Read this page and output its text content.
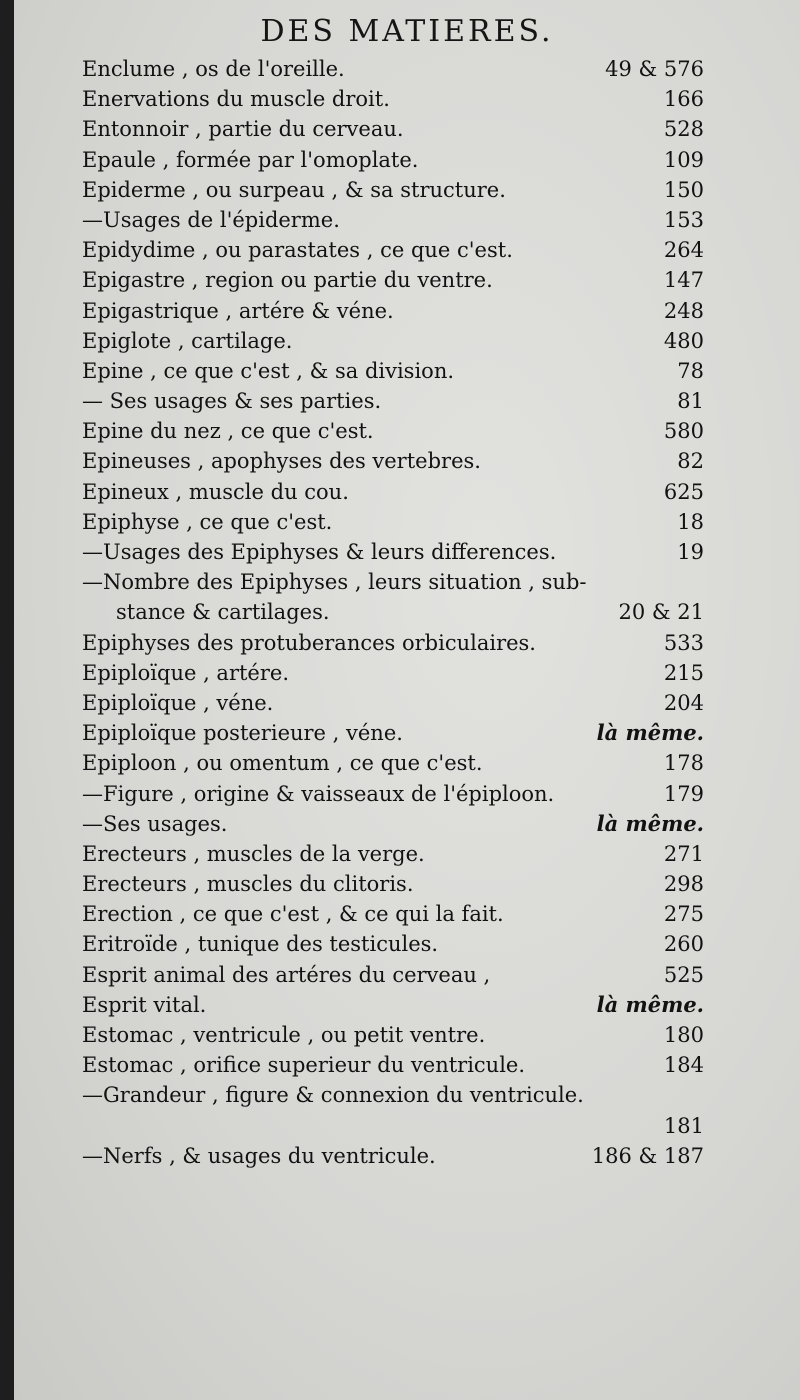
DES MATIERES.
Enclume , os de l'oreille.	49 & 576
Enervations du muscle droit.	166
Entonnoir , partie du cerveau.	528
Epaule , formée par l'omoplate.	109
Epiderme , ou surpeau , & sa structure.	150
—Usages de l'épiderme.	153
Epidydime , ou parastates , ce que c'est.	264
Epigastre , region ou partie du ventre.	147
Epigastrique , artére & véne.	248
Epiglote , cartilage.	480
Epine , ce que c'est , & sa division.	78
— Ses usages & ses parties.	81
Epine du nez , ce que c'est.	580
Epineuses , apophyses des vertebres.	82
Epineux , muscle du cou.	625
Epiphyse , ce que c'est.	18
—Usages des Epiphyses & leurs differences.	19
—Nombre des Epiphyses , leurs situation , sub-
stance & cartilages.	20 & 21
Epiphyses des protuberances orbiculaires.	533
Epiploïque , artére.	215
Epiploïque , véne.	204
Epiploïque posterieure , véne.	là même.
Epiploon , ou omentum , ce que c'est.	178
—Figure , origine & vaisseaux de l'épiploon.	179
—Ses usages.	là même.
Erecteurs , muscles de la verge.	271
Erecteurs , muscles du clitoris.	298
Erection , ce que c'est , & ce qui la fait.	275
Eritroïde , tunique des testicules.	260
Esprit animal des artéres du cerveau ,	525
Esprit vital.	là même.
Estomac , ventricule , ou petit ventre.	180
Estomac , orifice superieur du ventricule.	184
—Grandeur , figure & connexion du ventricule.
181
—Nerfs , & usages du ventricule.	186 & 187
